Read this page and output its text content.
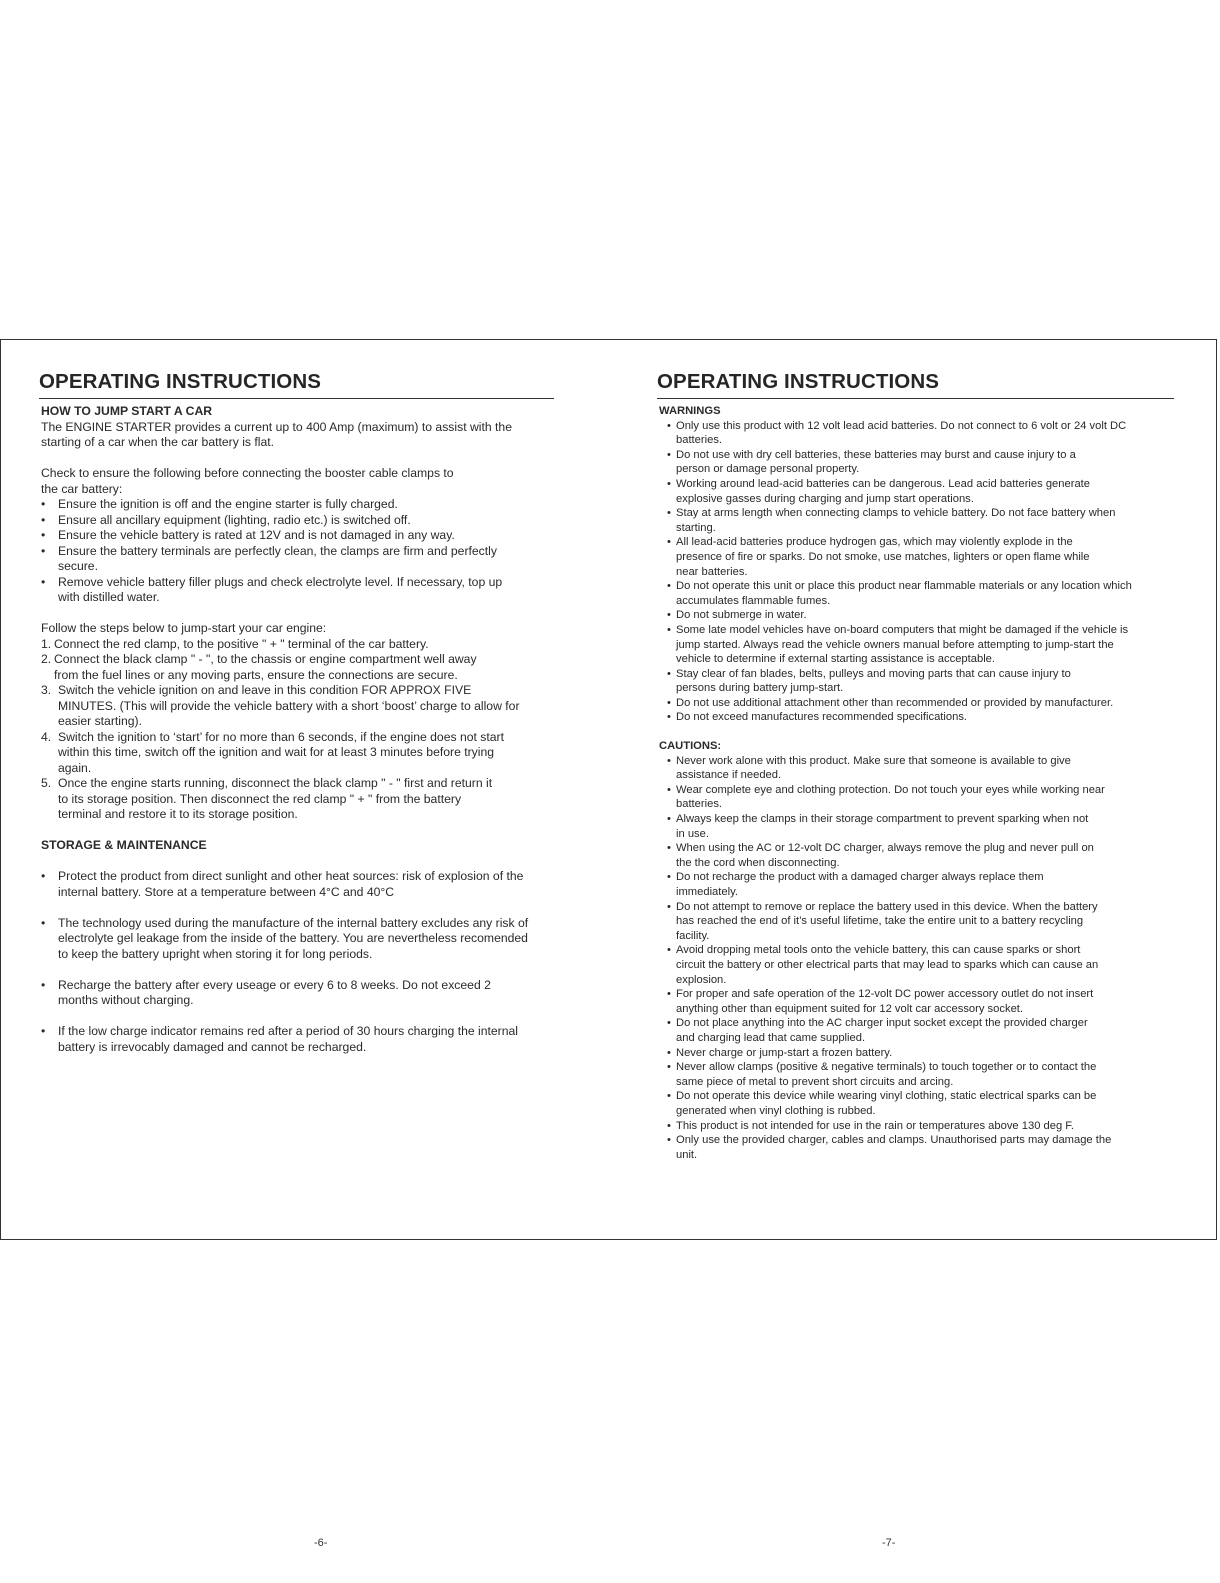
OPERATING INSTRUCTIONS
HOW TO JUMP START A CAR
The ENGINE STARTER provides a current up to 400 Amp (maximum) to assist with the
starting of a car when the car battery is flat.
Check to ensure the following before connecting the booster cable clamps to
the car battery:
• Ensure the ignition is off and the engine starter is fully charged.
• Ensure all ancillary equipment (lighting, radio etc.) is switched off.
• Ensure the vehicle battery is rated at 12V and is not damaged in any way.
• Ensure the battery terminals are perfectly clean, the clamps are firm and perfectly
secure.
• Remove vehicle battery filler plugs and check electrolyte level. If necessary, top up
with distilled water.
Follow the steps below to jump-start your car engine:
1. Connect the red clamp, to the positive " + " terminal of the car battery.
2. Connect the black clamp " - ", to the chassis or engine compartment well away
from the fuel lines or any moving parts, ensure the connections are secure.
3. Switch the vehicle ignition on and leave in this condition FOR APPROX FIVE
MINUTES. (This will provide the vehicle battery with a short ‘boost’ charge to allow for
easier starting).
4. Switch the ignition to ‘start’ for no more than 6 seconds, if the engine does not start
within this time, switch off the ignition and wait for at least 3 minutes before trying
again.
5. Once the engine starts running, disconnect the black clamp " - " first and return it
to its storage position. Then disconnect the red clamp " + " from the battery
terminal and restore it to its storage position.
STORAGE & MAINTENANCE
• Protect the product from direct sunlight and other heat sources: risk of explosion of the
internal battery. Store at a temperature between 4°C and 40°C
• The technology used during the manufacture of the internal battery excludes any risk of
electrolyte gel leakage from the inside of the battery. You are nevertheless recomended
to keep the battery upright when storing it for long periods.
• Recharge the battery after every useage or every 6 to 8 weeks. Do not exceed 2
months without charging.
• If the low charge indicator remains red after a period of 30 hours charging the internal
battery is irrevocably damaged and cannot be recharged.
OPERATING INSTRUCTIONS
WARNINGS
• Only use this product with 12 volt lead acid batteries. Do not connect to 6 volt or 24 volt DC
batteries.
• Do not use with dry cell batteries, these batteries may burst and cause injury to a
person or damage personal property.
• Working around lead-acid batteries can be dangerous. Lead acid batteries generate
explosive gasses during charging and jump start operations.
• Stay at arms length when connecting clamps to vehicle battery. Do not face battery when
starting.
• All lead-acid batteries produce hydrogen gas, which may violently explode in the
presence of fire or sparks. Do not smoke, use matches, lighters or open flame while
near batteries.
• Do not operate this unit or place this product near flammable materials or any location which
accumulates flammable fumes.
• Do not submerge in water.
• Some late model vehicles have on-board computers that might be damaged if the vehicle is
jump started. Always read the vehicle owners manual before attempting to jump-start the
vehicle to determine if external starting assistance is acceptable.
• Stay clear of fan blades, belts, pulleys and moving parts that can cause injury to
persons during battery jump-start.
• Do not use additional attachment other than recommended or provided by manufacturer.
• Do not exceed manufactures recommended specifications.
CAUTIONS:
• Never work alone with this product. Make sure that someone is available to give
assistance if needed.
• Wear complete eye and clothing protection. Do not touch your eyes while working near
batteries.
• Always keep the clamps in their storage compartment to prevent sparking when not
in use.
• When using the AC or 12-volt DC charger, always remove the plug and never pull on
the the cord when disconnecting.
• Do not recharge the product with a damaged charger always replace them
immediately.
• Do not attempt to remove or replace the battery used in this device. When the battery
has reached the end of it’s useful lifetime, take the entire unit to a battery recycling
facility.
• Avoid dropping metal tools onto the vehicle battery, this can cause sparks or short
circuit the battery or other electrical parts that may lead to sparks which can cause an
explosion.
• For proper and safe operation of the 12-volt DC power accessory outlet do not insert
anything other than equipment suited for 12 volt car accessory socket.
• Do not place anything into the AC charger input socket except the provided charger
and charging lead that came supplied.
• Never charge or jump-start a frozen battery.
• Never allow clamps (positive & negative terminals) to touch together or to contact the
same piece of metal to prevent short circuits and arcing.
• Do not operate this device while wearing vinyl clothing, static electrical sparks can be
generated when vinyl clothing is rubbed.
• This product is not intended for use in the rain or temperatures above 130 deg F.
• Only use the provided charger, cables and clamps. Unauthorised parts may damage the
unit.
-6-	-7-
